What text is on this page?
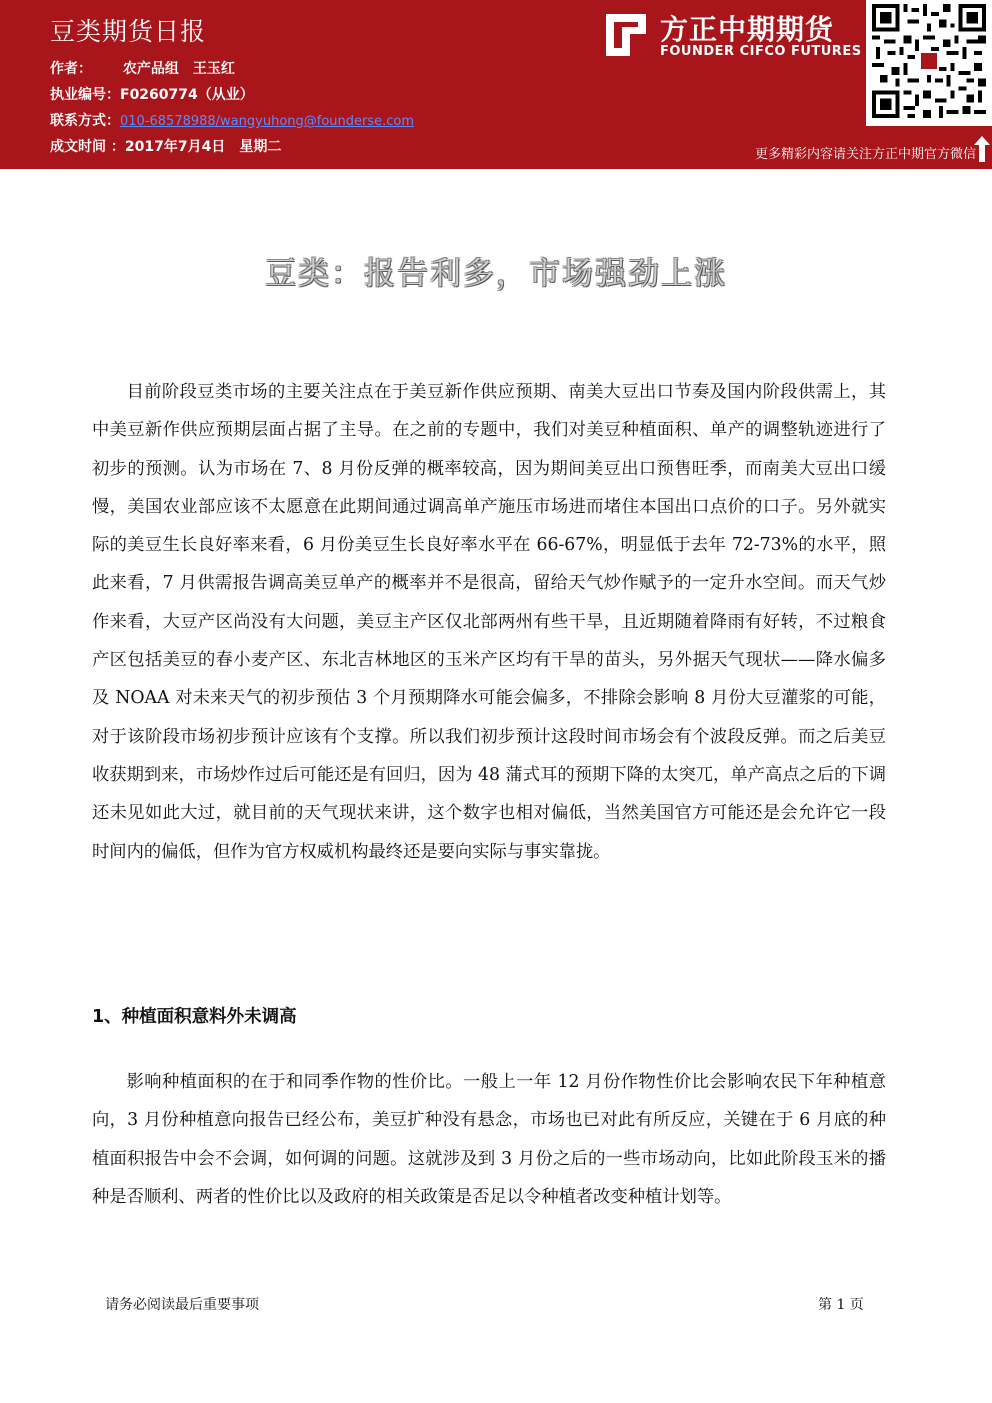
豆类期货日报
作者： 农产品组　王玉红
执业编号：F0260774（从业）
联系方式：010-68578988/wangyuhong@founderse.com
成文时间 ：2017年7月4日　星期二
方正中期期货
FOUNDER CIFCO FUTURES
更多精彩内容请关注方正中期官方微信
豆类：报告利多，市场强劲上涨

目前阶段豆类市场的主要关注点在于美豆新作供应预期、南美大豆出口节奏及国内阶段供需上，其中美豆新作供应预期层面占据了主导。在之前的专题中，我们对美豆种植面积、单产的调整轨迹进行了初步的预测。认为市场在 7、8 月份反弹的概率较高，因为期间美豆出口预售旺季，而南美大豆出口缓慢，美国农业部应该不太愿意在此期间通过调高单产施压市场进而堵住本国出口点价的口子。另外就实际的美豆生长良好率来看，6 月份美豆生长良好率水平在 66-67%，明显低于去年 72-73%的水平，照此来看，7 月供需报告调高美豆单产的概率并不是很高，留给天气炒作赋予的一定升水空间。而天气炒作来看，大豆产区尚没有大问题，美豆主产区仅北部两州有些干旱，且近期随着降雨有好转，不过粮食产区包括美豆的春小麦产区、东北吉林地区的玉米产区均有干旱的苗头，另外据天气现状——降水偏多及 NOAA 对未来天气的初步预估 3 个月预期降水可能会偏多，不排除会影响 8 月份大豆灌浆的可能，对于该阶段市场初步预计应该有个支撑。所以我们初步预计这段时间市场会有个波段反弹。而之后美豆收获期到来，市场炒作过后可能还是有回归，因为 48 蒲式耳的预期下降的太突兀，单产高点之后的下调还未见如此大过，就目前的天气现状来讲，这个数字也相对偏低，当然美国官方可能还是会允许它一段时间内的偏低，但作为官方权威机构最终还是要向实际与事实靠拢。

1、种植面积意料外未调高

影响种植面积的在于和同季作物的性价比。一般上一年 12 月份作物性价比会影响农民下年种植意向，3 月份种植意向报告已经公布，美豆扩种没有悬念，市场也已对此有所反应，关键在于 6 月底的种植面积报告中会不会调，如何调的问题。这就涉及到 3 月份之后的一些市场动向，比如此阶段玉米的播种是否顺利、两者的性价比以及政府的相关政策是否足以令种植者改变种植计划等。

请务必阅读最后重要事项	第 1 页
